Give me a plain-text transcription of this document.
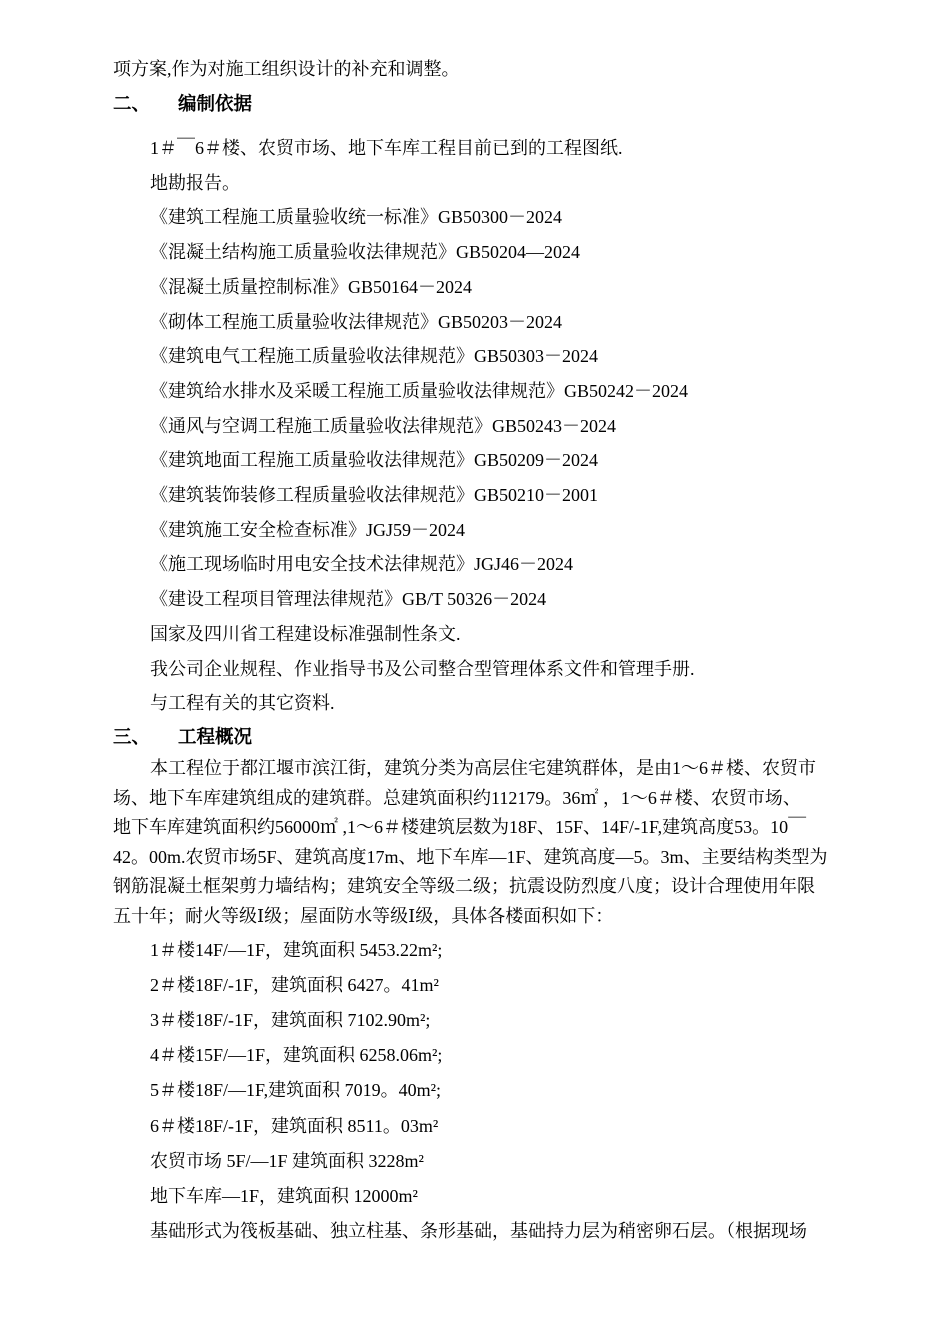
项方案,作为对施工组织设计的补充和调整。

二、 编制依据
1＃￣6＃楼、农贸市场、地下车库工程目前已到的工程图纸.
地勘报告。
《建筑工程施工质量验收统一标准》GB50300－2024
《混凝土结构施工质量验收法律规范》GB50204—2024
《混凝土质量控制标准》GB50164－2024
《砌体工程施工质量验收法律规范》GB50203－2024
《建筑电气工程施工质量验收法律规范》GB50303－2024
《建筑给水排水及采暖工程施工质量验收法律规范》GB50242－2024
《通风与空调工程施工质量验收法律规范》GB50243－2024
《建筑地面工程施工质量验收法律规范》GB50209－2024
《建筑装饰装修工程质量验收法律规范》GB50210－2001
《建筑施工安全检查标准》JGJ59－2024
《施工现场临时用电安全技术法律规范》JGJ46－2024
《建设工程项目管理法律规范》GB/T 50326－2024
国家及四川省工程建设标准强制性条文.
我公司企业规程、作业指导书及公司整合型管理体系文件和管理手册.
与工程有关的其它资料.
三、 工程概况
本工程位于都江堰市滨江街，建筑分类为高层住宅建筑群体，是由1～6＃楼、农贸市
场、地下车库建筑组成的建筑群。总建筑面积约112179。36㎡ ，1～6＃楼、农贸市场、
地下车库建筑面积约56000㎡ ,1～6＃楼建筑层数为18F、15F、14F/-1F,建筑高度53。10￣
42。00m.农贸市场5F、建筑高度17m、地下车库—1F、建筑高度—5。3m、主要结构类型为
钢筋混凝土框架剪力墙结构；建筑安全等级二级；抗震设防烈度八度；设计合理使用年限
五十年；耐火等级Ⅰ级；屋面防水等级Ⅰ级，具体各楼面积如下：
1＃楼14F/—1F，建筑面积 5453.22m²;
2＃楼18F/-1F，建筑面积 6427。41m²
3＃楼18F/-1F，建筑面积 7102.90m²;
4＃楼15F/—1F，建筑面积 6258.06m²;
5＃楼18F/—1F,建筑面积 7019。40m²;
6＃楼18F/-1F，建筑面积 8511。03m²
农贸市场 5F/—1F 建筑面积 3228m²
地下车库—1F，建筑面积 12000m²
基础形式为筏板基础、独立柱基、条形基础，基础持力层为稍密卵石层。（根据现场
